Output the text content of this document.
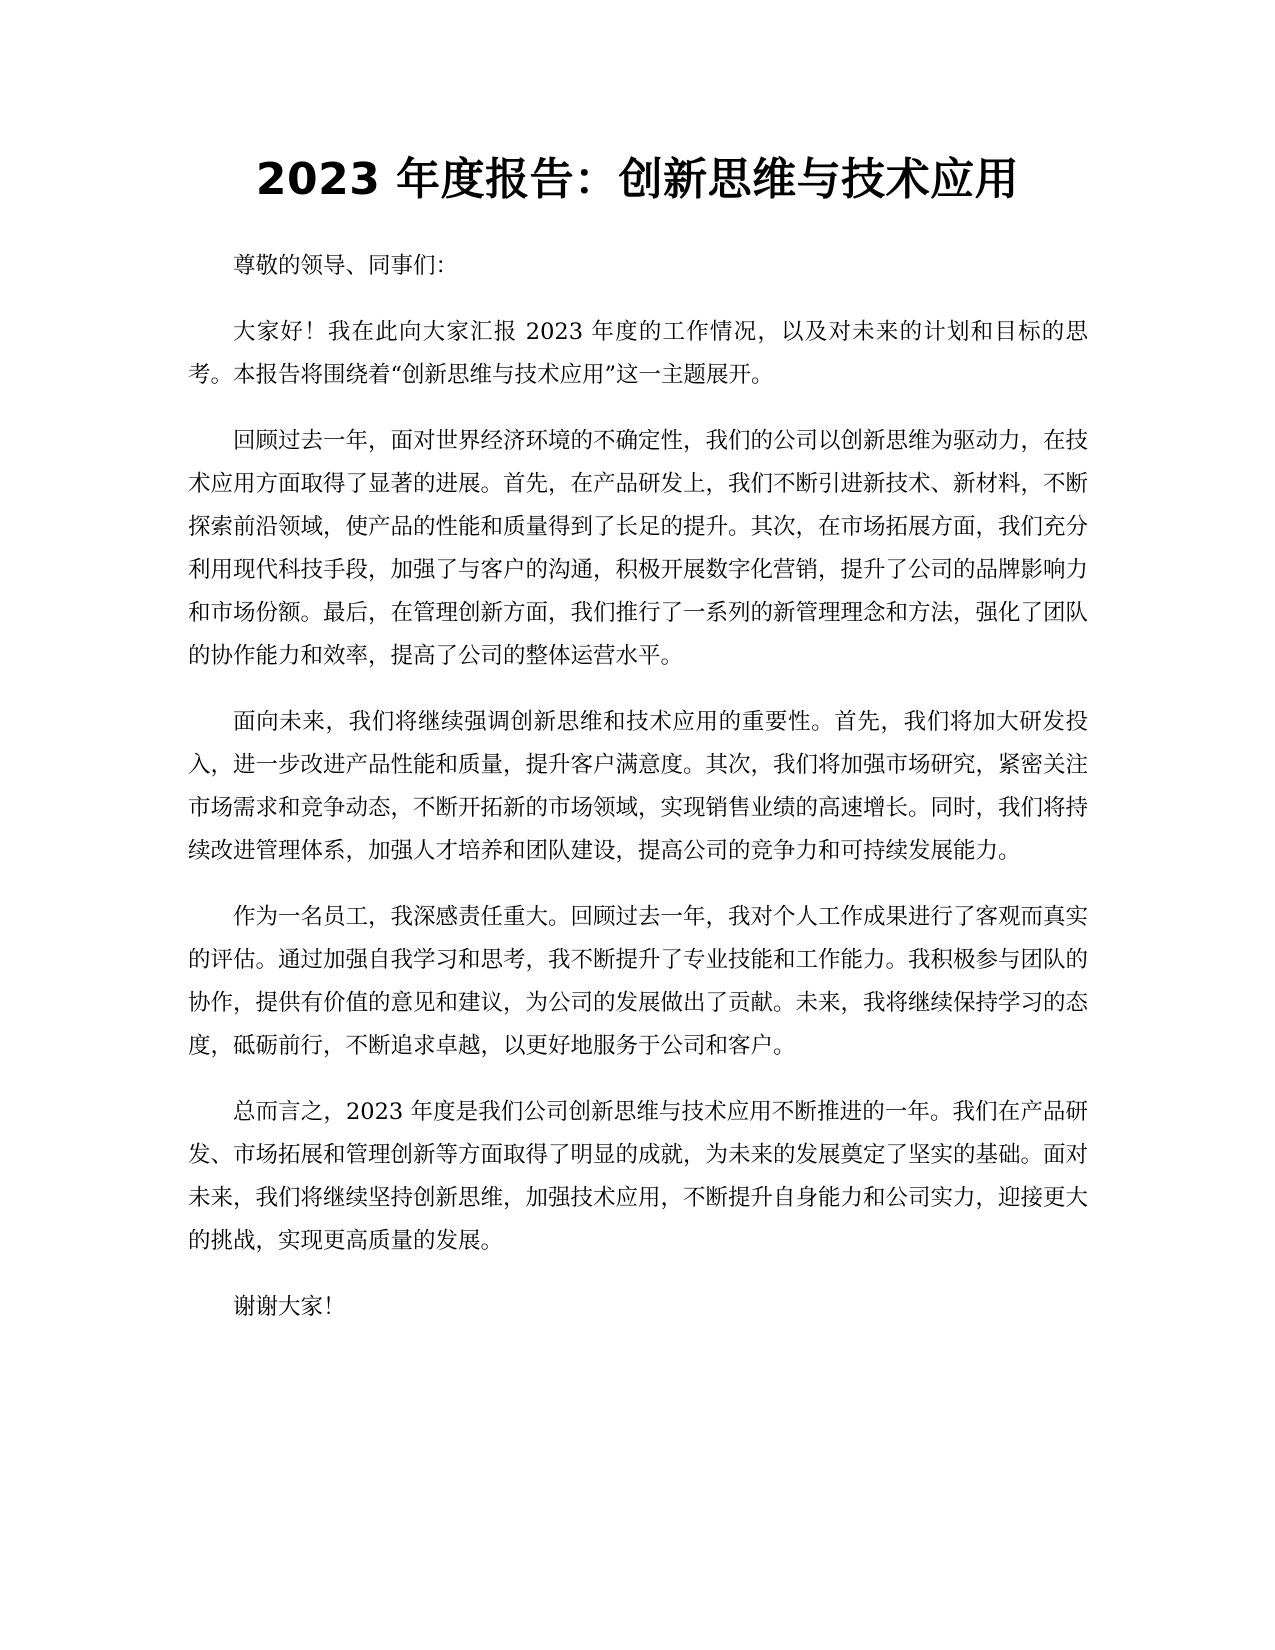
2023 年度报告：创新思维与技术应用

尊敬的领导、同事们：

大家好！我在此向大家汇报 2023 年度的工作情况，以及对未来的计划和目标的思考。本报告将围绕着“创新思维与技术应用”这一主题展开。

回顾过去一年，面对世界经济环境的不确定性，我们的公司以创新思维为驱动力，在技术应用方面取得了显著的进展。首先，在产品研发上，我们不断引进新技术、新材料，不断探索前沿领域，使产品的性能和质量得到了长足的提升。其次，在市场拓展方面，我们充分利用现代科技手段，加强了与客户的沟通，积极开展数字化营销，提升了公司的品牌影响力和市场份额。最后，在管理创新方面，我们推行了一系列的新管理理念和方法，强化了团队的协作能力和效率，提高了公司的整体运营水平。

面向未来，我们将继续强调创新思维和技术应用的重要性。首先，我们将加大研发投入，进一步改进产品性能和质量，提升客户满意度。其次，我们将加强市场研究，紧密关注市场需求和竞争动态，不断开拓新的市场领域，实现销售业绩的高速增长。同时，我们将持续改进管理体系，加强人才培养和团队建设，提高公司的竞争力和可持续发展能力。

作为一名员工，我深感责任重大。回顾过去一年，我对个人工作成果进行了客观而真实的评估。通过加强自我学习和思考，我不断提升了专业技能和工作能力。我积极参与团队的协作，提供有价值的意见和建议，为公司的发展做出了贡献。未来，我将继续保持学习的态度，砥砺前行，不断追求卓越，以更好地服务于公司和客户。

总而言之，2023 年度是我们公司创新思维与技术应用不断推进的一年。我们在产品研发、市场拓展和管理创新等方面取得了明显的成就，为未来的发展奠定了坚实的基础。面对未来，我们将继续坚持创新思维，加强技术应用，不断提升自身能力和公司实力，迎接更大的挑战，实现更高质量的发展。

谢谢大家！
